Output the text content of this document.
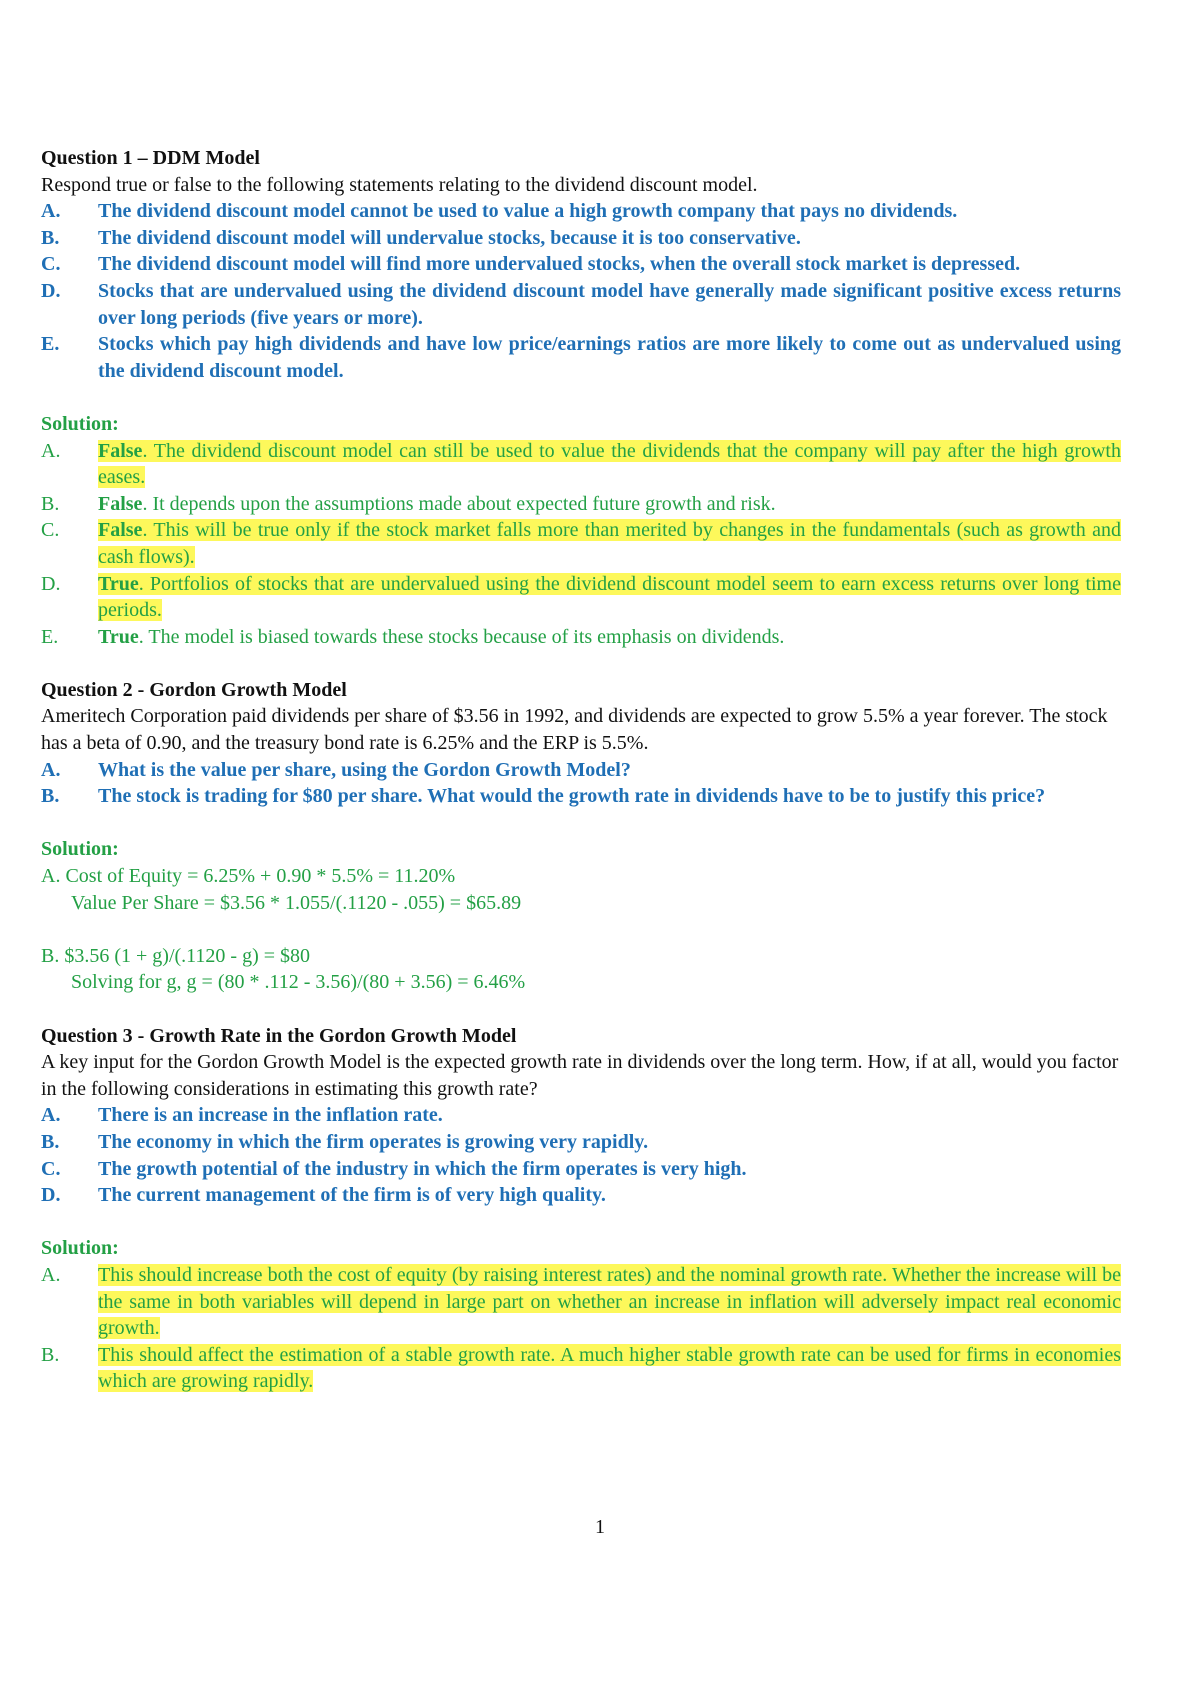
Question 1 – DDM Model
Respond true or false to the following statements relating to the dividend discount model.
A.	The dividend discount model cannot be used to value a high growth company that pays no dividends.
B.	The dividend discount model will undervalue stocks, because it is too conservative.
C.	The dividend discount model will find more undervalued stocks, when the overall stock market is depressed.
D.	Stocks that are undervalued using the dividend discount model have generally made significant positive excess returns over long periods (five years or more).
E.	Stocks which pay high dividends and have low price/earnings ratios are more likely to come out as undervalued using the dividend discount model.
Solution:
A.	False. The dividend discount model can still be used to value the dividends that the company will pay after the high growth eases.
B.	False. It depends upon the assumptions made about expected future growth and risk.
C.	False. This will be true only if the stock market falls more than merited by changes in the fundamentals (such as growth and cash flows).
D.	True. Portfolios of stocks that are undervalued using the dividend discount model seem to earn excess returns over long time periods.
E.	True. The model is biased towards these stocks because of its emphasis on dividends.
Question 2 - Gordon Growth Model
Ameritech Corporation paid dividends per share of $3.56 in 1992, and dividends are expected to grow 5.5% a year forever. The stock has a beta of 0.90, and the treasury bond rate is 6.25% and the ERP is 5.5%.
A.	What is the value per share, using the Gordon Growth Model?
B.	The stock is trading for $80 per share. What would the growth rate in dividends have to be to justify this price?
Solution:
A. Cost of Equity = 6.25% + 0.90 * 5.5% = 11.20%
Value Per Share = $3.56 * 1.055/(.1120 - .055) = $65.89
B. $3.56 (1 + g)/(.1120 - g) = $80
Solving for g, g = (80 * .112 - 3.56)/(80 + 3.56) = 6.46%
Question 3 - Growth Rate in the Gordon Growth Model
A key input for the Gordon Growth Model is the expected growth rate in dividends over the long term. How, if at all, would you factor in the following considerations in estimating this growth rate?
A.	There is an increase in the inflation rate.
B.	The economy in which the firm operates is growing very rapidly.
C.	The growth potential of the industry in which the firm operates is very high.
D.	The current management of the firm is of very high quality.
Solution:
A.	This should increase both the cost of equity (by raising interest rates) and the nominal growth rate. Whether the increase will be the same in both variables will depend in large part on whether an increase in inflation will adversely impact real economic growth.
B.	This should affect the estimation of a stable growth rate. A much higher stable growth rate can be used for firms in economies which are growing rapidly.
1
